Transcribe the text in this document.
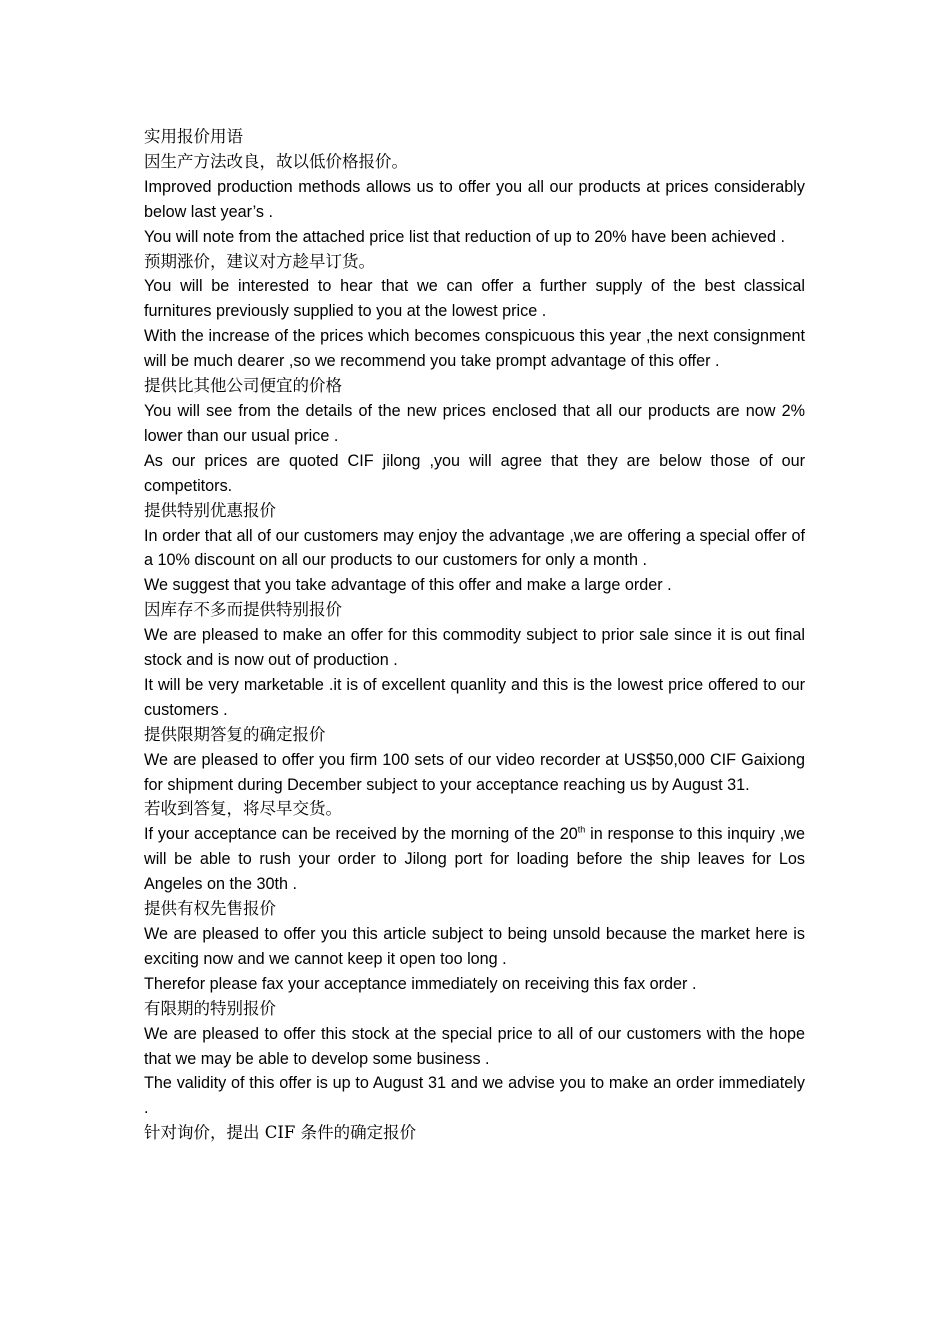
实用报价用语
因生产方法改良，故以低价格报价。
Improved production methods allows us to offer you all our products at prices considerably below last year’s .
You will note from the attached price list that reduction of up to 20% have been achieved .
预期涨价，建议对方趁早订货。
You will be interested to hear that we can offer a further supply of the best classical furnitures previously supplied to you at the lowest price .
With the increase of the prices which becomes conspicuous this year ,the next consignment will be much dearer ,so we recommend you take prompt advantage of this offer .
提供比其他公司便宜的价格
You will see from the details of the new prices enclosed that all our products are now 2% lower than our usual price .
As our prices are quoted CIF jilong ,you will agree that they are below those of our competitors.
提供特别优惠报价
In order that all of our customers may enjoy the advantage ,we are offering a special offer of a 10% discount on all our products to our customers for only a month .
We suggest that you take advantage of this offer and make a large order .
因库存不多而提供特别报价
We are pleased to make an offer for this commodity subject to prior sale since it is out final stock and is now out of production .
It will be very marketable .it is of excellent quanlity and this is the lowest price offered to our customers .
提供限期答复的确定报价
We are pleased to offer you firm 100 sets of our video recorder at US$50,000 CIF Gaixiong for shipment during December subject to your acceptance reaching us by August 31.
若收到答复，将尽早交货。
If your acceptance can be received by the morning of the 20th in response to this inquiry ,we will be able to rush your order to Jilong port for loading before the ship leaves for Los Angeles on the 30th .
提供有权先售报价
We are pleased to offer you this article subject to being unsold because the market here is exciting now and we cannot keep it open too long .
Therefor please fax your acceptance immediately on receiving this fax order .
有限期的特别报价
We are pleased to offer this stock at the special price to all of our customers with the hope that we may be able to develop some business .
The validity of this offer is up to August 31 and we advise you to make an order immediately .
针对询价，提出 CIF 条件的确定报价
